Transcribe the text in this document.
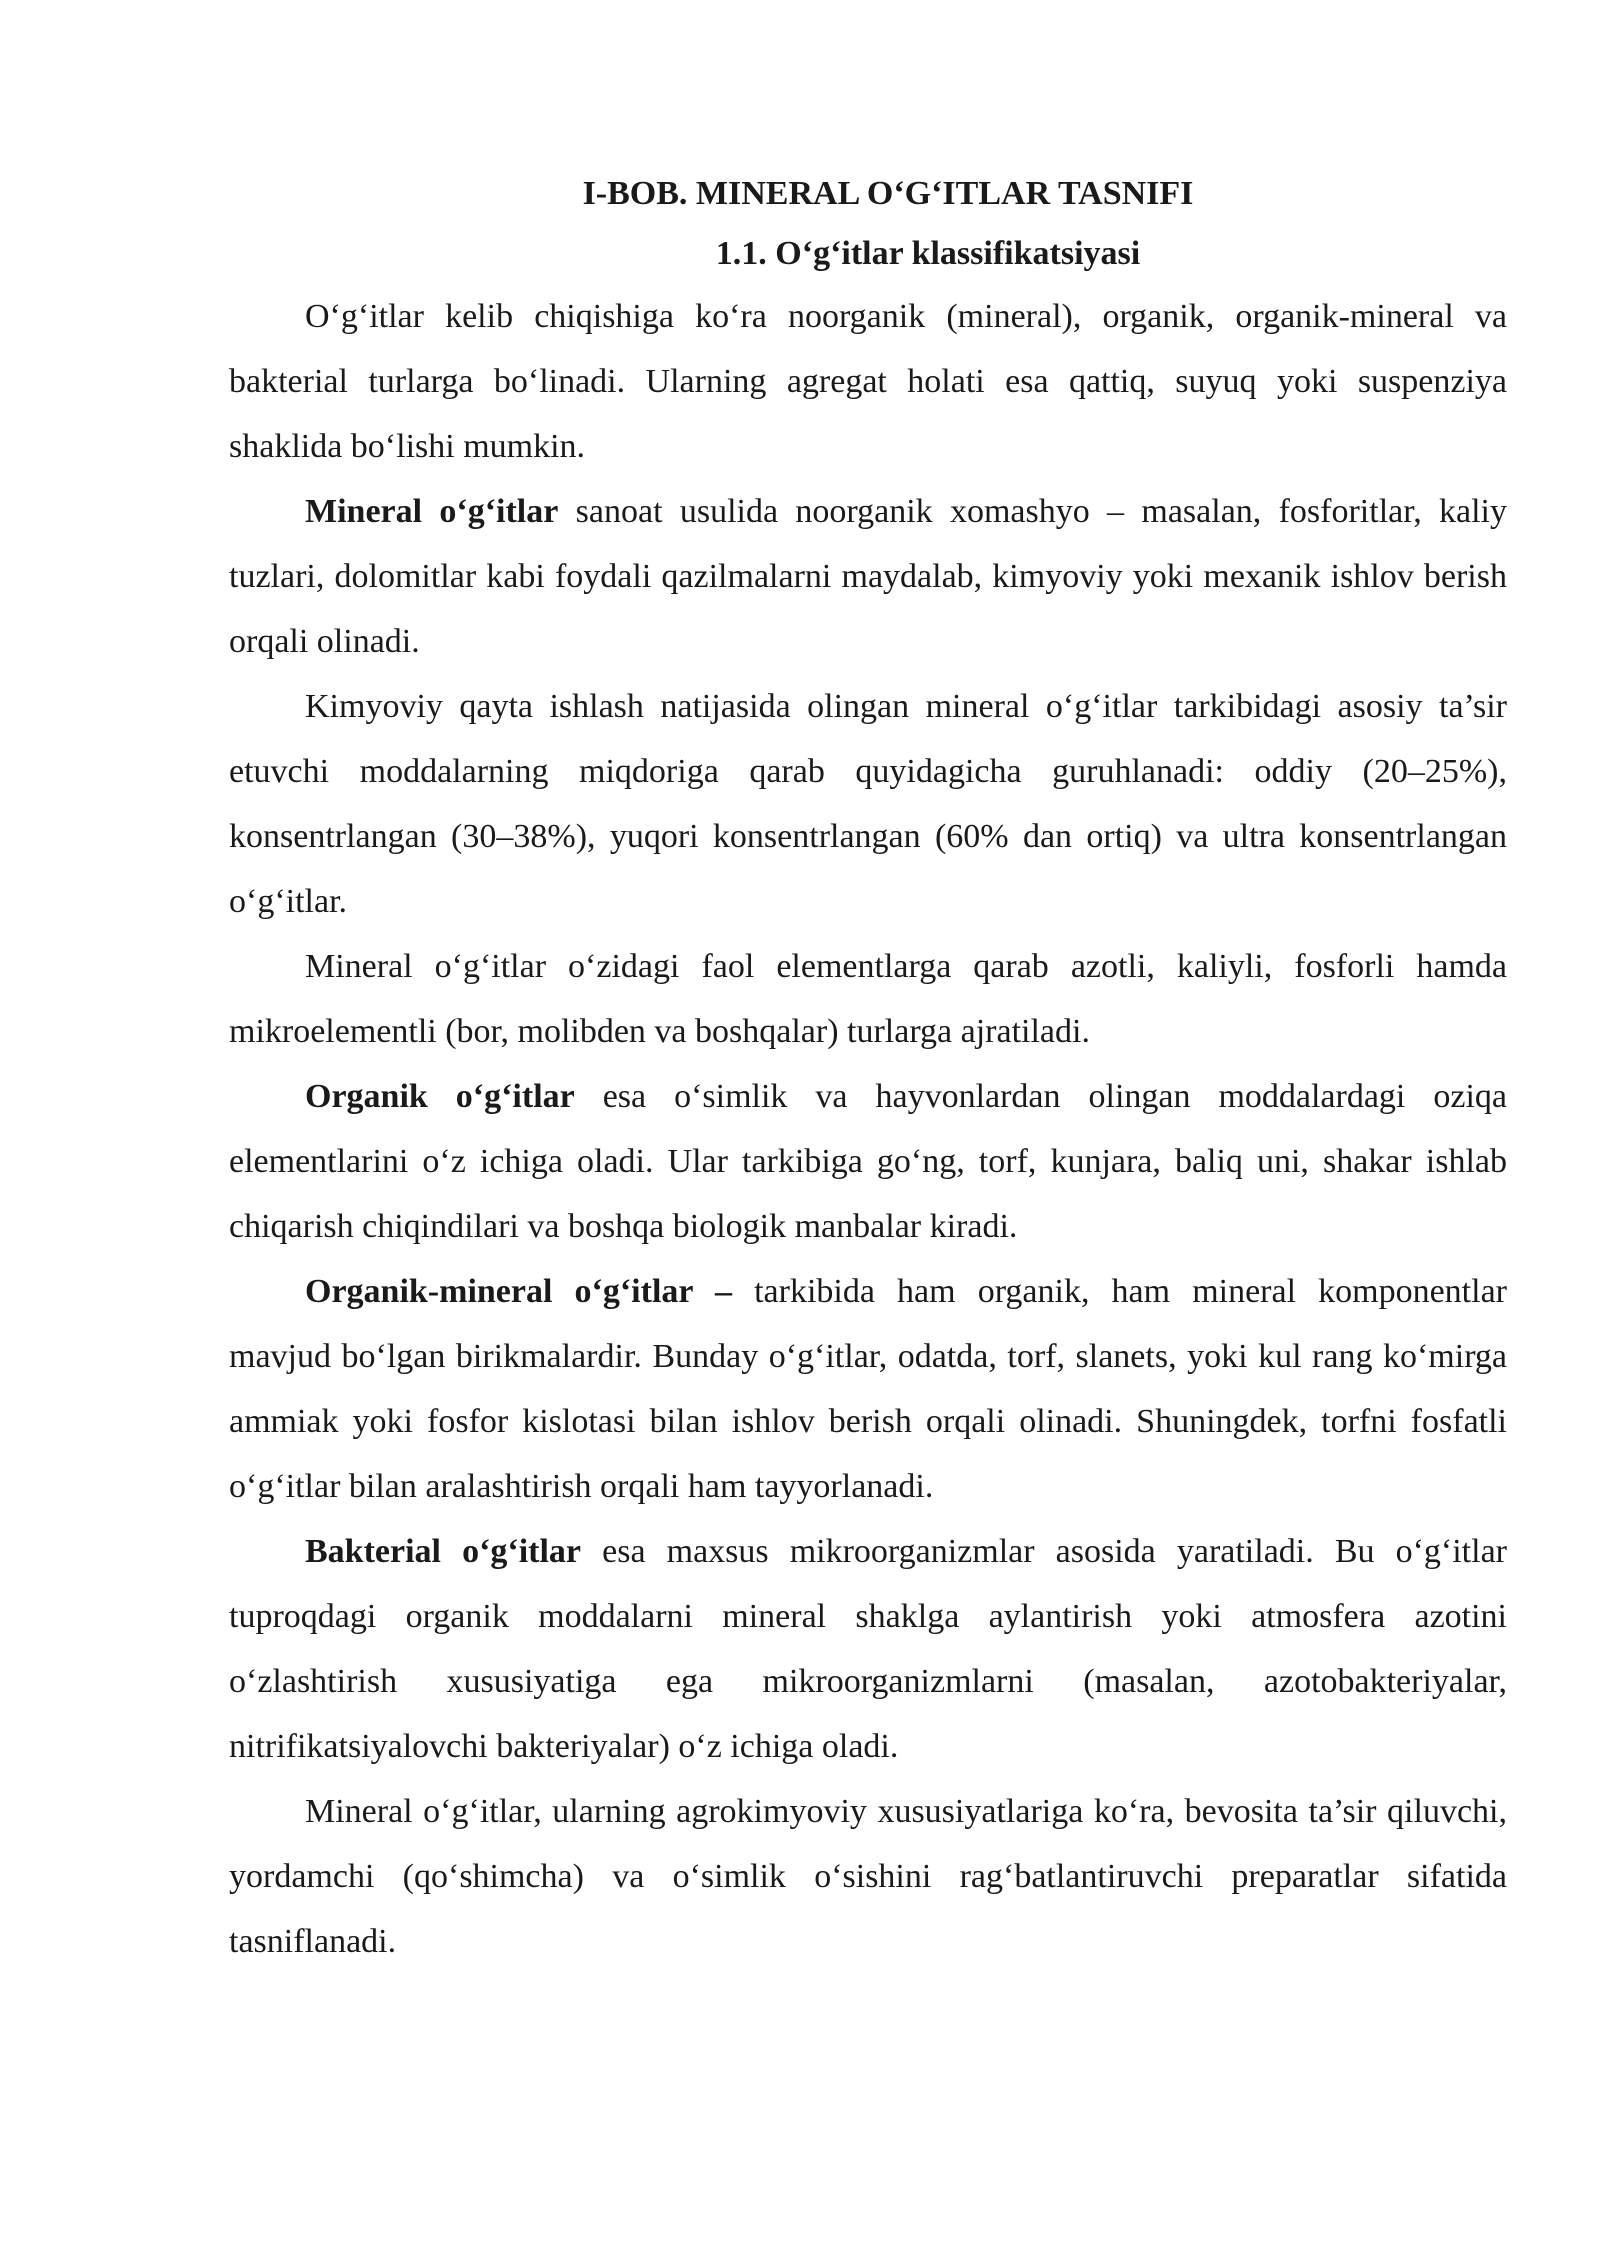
I-BOB. MINERAL O‘G‘ITLAR TASNIFI
1.1. O‘g‘itlar klassifikatsiyasi

O‘g‘itlar kelib chiqishiga ko‘ra noorganik (mineral), organik, organik-mineral va bakterial turlarga bo‘linadi. Ularning agregat holati esa qattiq, suyuq yoki suspenziya shaklida bo‘lishi mumkin.

Mineral o‘g‘itlar sanoat usulida noorganik xomashyo – masalan, fosforitlar, kaliy tuzlari, dolomitlar kabi foydali qazilmalarni maydalab, kimyoviy yoki mexanik ishlov berish orqali olinadi.

Kimyoviy qayta ishlash natijasida olingan mineral o‘g‘itlar tarkibidagi asosiy ta’sir etuvchi moddalarning miqdoriga qarab quyidagicha guruhlanadi: oddiy (20–25%), konsentrlangan (30–38%), yuqori konsentrlangan (60% dan ortiq) va ultra konsentrlangan o‘g‘itlar.

Mineral o‘g‘itlar o‘zidagi faol elementlarga qarab azotli, kaliyli, fosforli hamda mikroelementli (bor, molibden va boshqalar) turlarga ajratiladi.

Organik o‘g‘itlar esa o‘simlik va hayvonlardan olingan moddalardagi oziqa elementlarini o‘z ichiga oladi. Ular tarkibiga go‘ng, torf, kunjara, baliq uni, shakar ishlab chiqarish chiqindilari va boshqa biologik manbalar kiradi.

Organik-mineral o‘g‘itlar – tarkibida ham organik, ham mineral komponentlar mavjud bo‘lgan birikmalardir. Bunday o‘g‘itlar, odatda, torf, slanets, yoki kul rang ko‘mirga ammiak yoki fosfor kislotasi bilan ishlov berish orqali olinadi. Shuningdek, torfni fosfatli o‘g‘itlar bilan aralashtirish orqali ham tayyorlanadi.

Bakterial o‘g‘itlar esa maxsus mikroorganizmlar asosida yaratiladi. Bu o‘g‘itlar tuproqdagi organik moddalarni mineral shaklga aylantirish yoki atmosfera azotini o‘zlashtirish xususiyatiga ega mikroorganizmlarni (masalan, azotobakteriyalar, nitrifikatsiyalovchi bakteriyalar) o‘z ichiga oladi.

Mineral o‘g‘itlar, ularning agrokimyoviy xususiyatlariga ko‘ra, bevosita ta’sir qiluvchi, yordamchi (qo‘shimcha) va o‘simlik o‘sishini rag‘batlantiruvchi preparatlar sifatida tasniflanadi.
